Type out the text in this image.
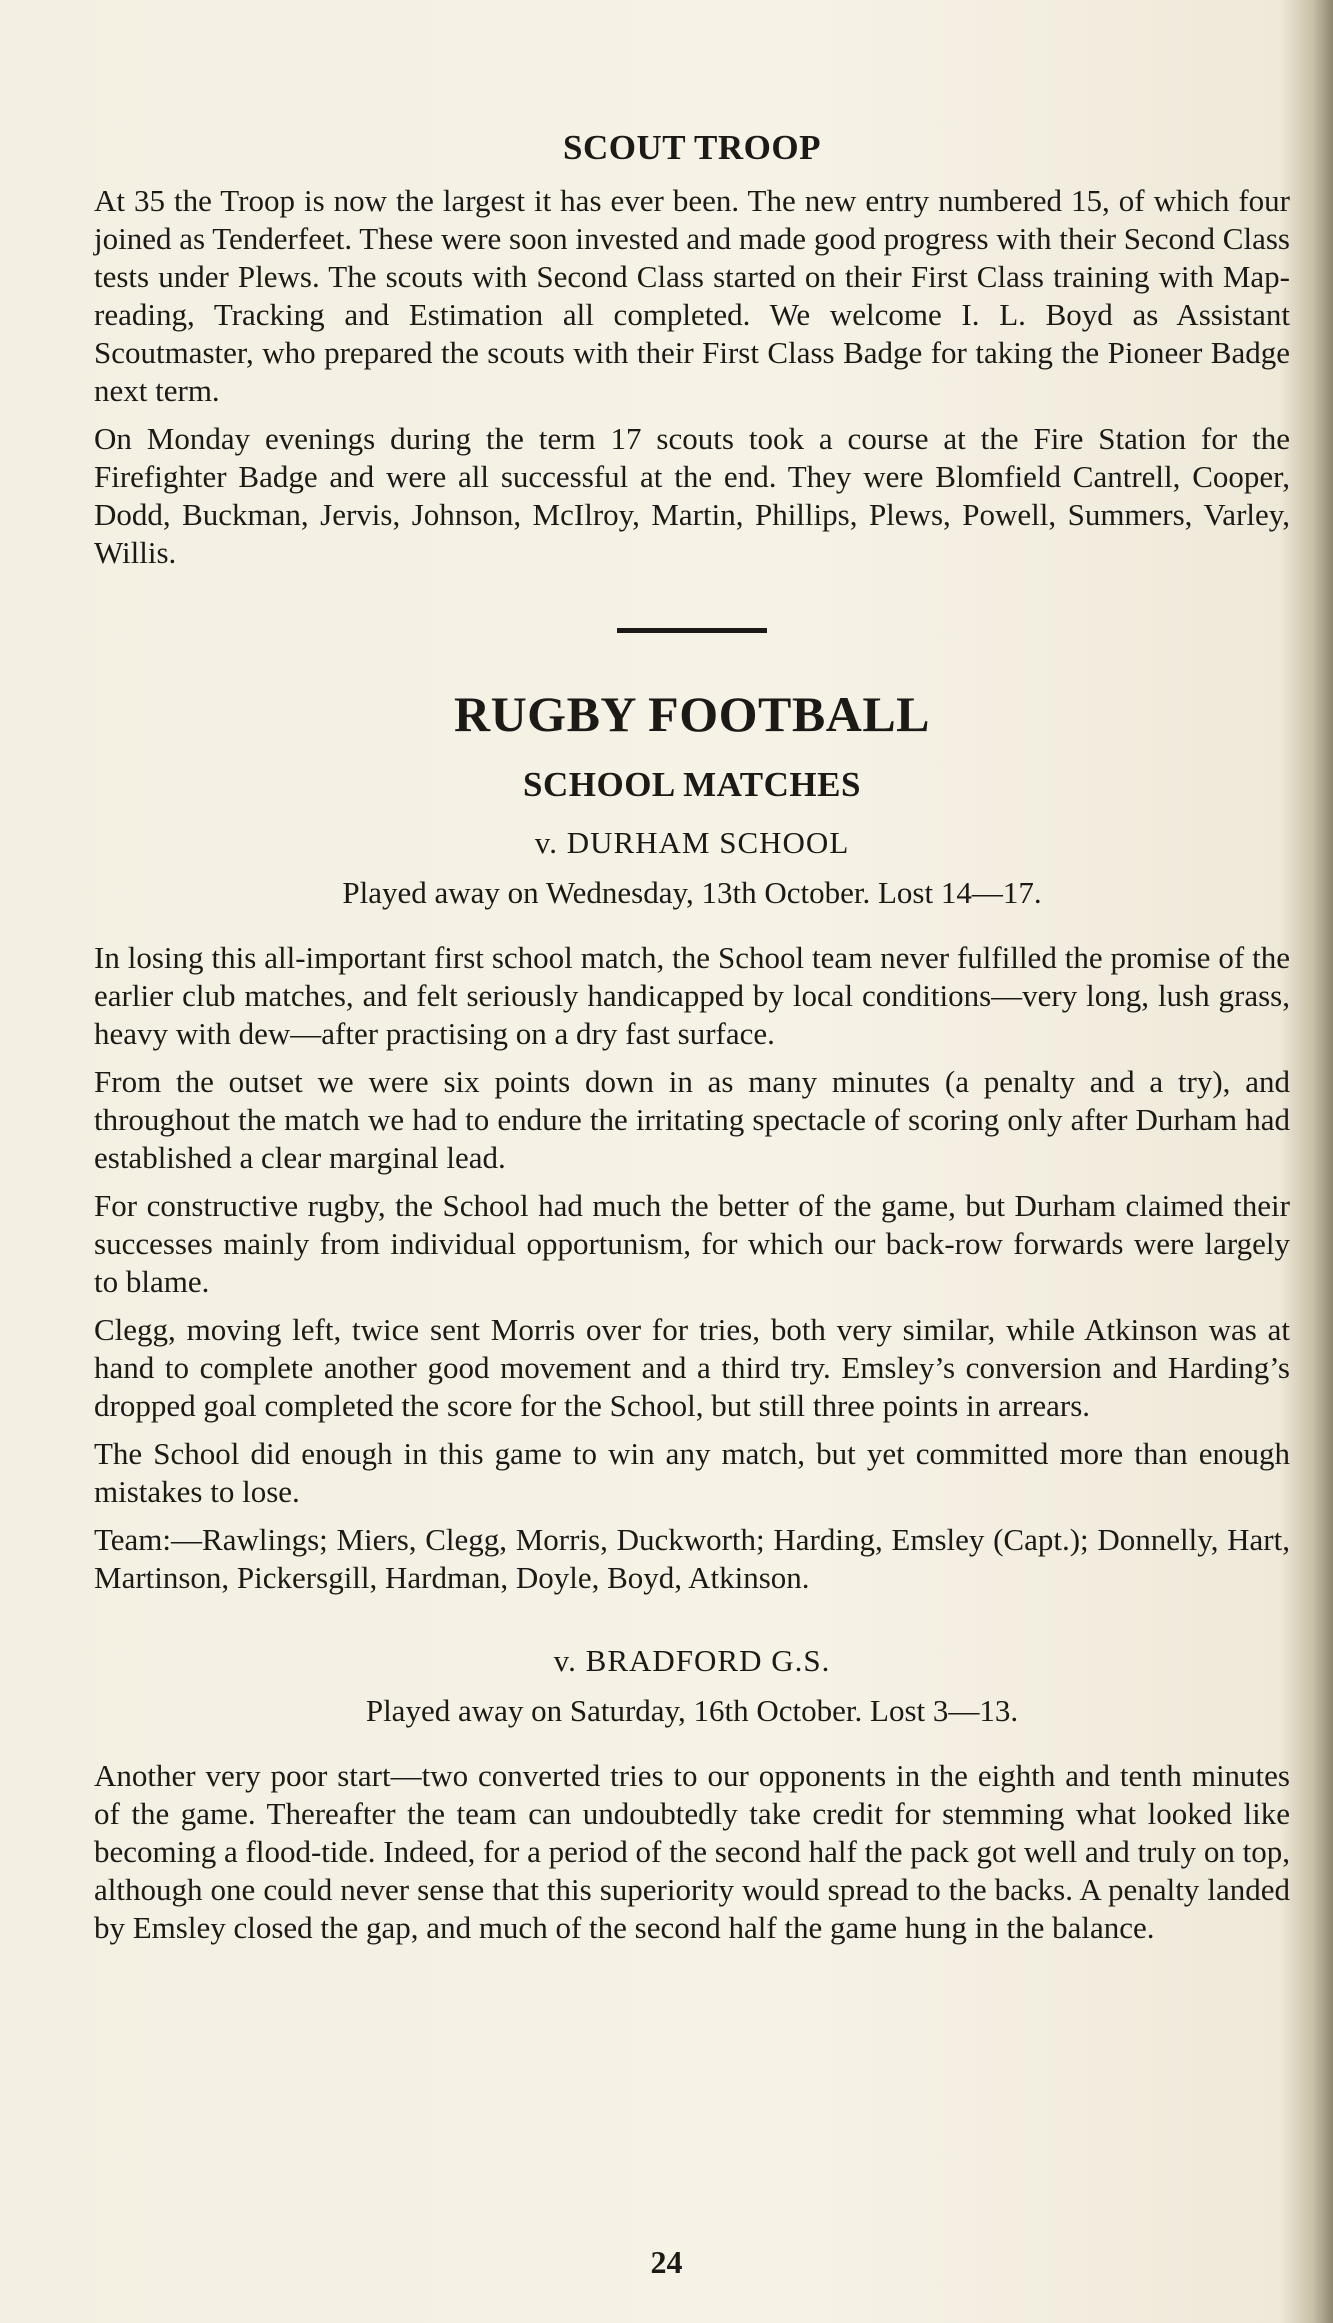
SCOUT TROOP

At 35 the Troop is now the largest it has ever been. The new entry numbered 15, of which four joined as Tenderfeet. These were soon invested and made good progress with their Second Class tests under Plews. The scouts with Second Class started on their First Class training with Map-reading, Tracking and Estimation all completed. We welcome I. L. Boyd as Assistant Scoutmaster, who prepared the scouts with their First Class Badge for taking the Pioneer Badge next term.

On Monday evenings during the term 17 scouts took a course at the Fire Station for the Firefighter Badge and were all successful at the end. They were Blomfield Cantrell, Cooper, Dodd, Buckman, Jervis, Johnson, McIlroy, Martin, Phillips, Plews, Powell, Summers, Varley, Willis.

RUGBY FOOTBALL
SCHOOL MATCHES
v. DURHAM SCHOOL
Played away on Wednesday, 13th October. Lost 14—17.

In losing this all-important first school match, the School team never fulfilled the promise of the earlier club matches, and felt seriously handicapped by local conditions—very long, lush grass, heavy with dew—after practising on a dry fast surface.

From the outset we were six points down in as many minutes (a penalty and a try), and throughout the match we had to endure the irritating spectacle of scoring only after Durham had established a clear marginal lead.

For constructive rugby, the School had much the better of the game, but Durham claimed their successes mainly from individual opportunism, for which our back-row forwards were largely to blame.

Clegg, moving left, twice sent Morris over for tries, both very similar, while Atkinson was at hand to complete another good movement and a third try. Emsley’s conversion and Harding’s dropped goal completed the score for the School, but still three points in arrears.

The School did enough in this game to win any match, but yet committed more than enough mistakes to lose.

Team:—Rawlings; Miers, Clegg, Morris, Duckworth; Harding, Emsley (Capt.); Donnelly, Hart, Martinson, Pickersgill, Hardman, Doyle, Boyd, Atkinson.

v. BRADFORD G.S.
Played away on Saturday, 16th October. Lost 3—13.

Another very poor start—two converted tries to our opponents in the eighth and tenth minutes of the game. Thereafter the team can undoubtedly take credit for stemming what looked like becoming a flood-tide. Indeed, for a period of the second half the pack got well and truly on top, although one could never sense that this superiority would spread to the backs. A penalty landed by Emsley closed the gap, and much of the second half the game hung in the balance.

24
